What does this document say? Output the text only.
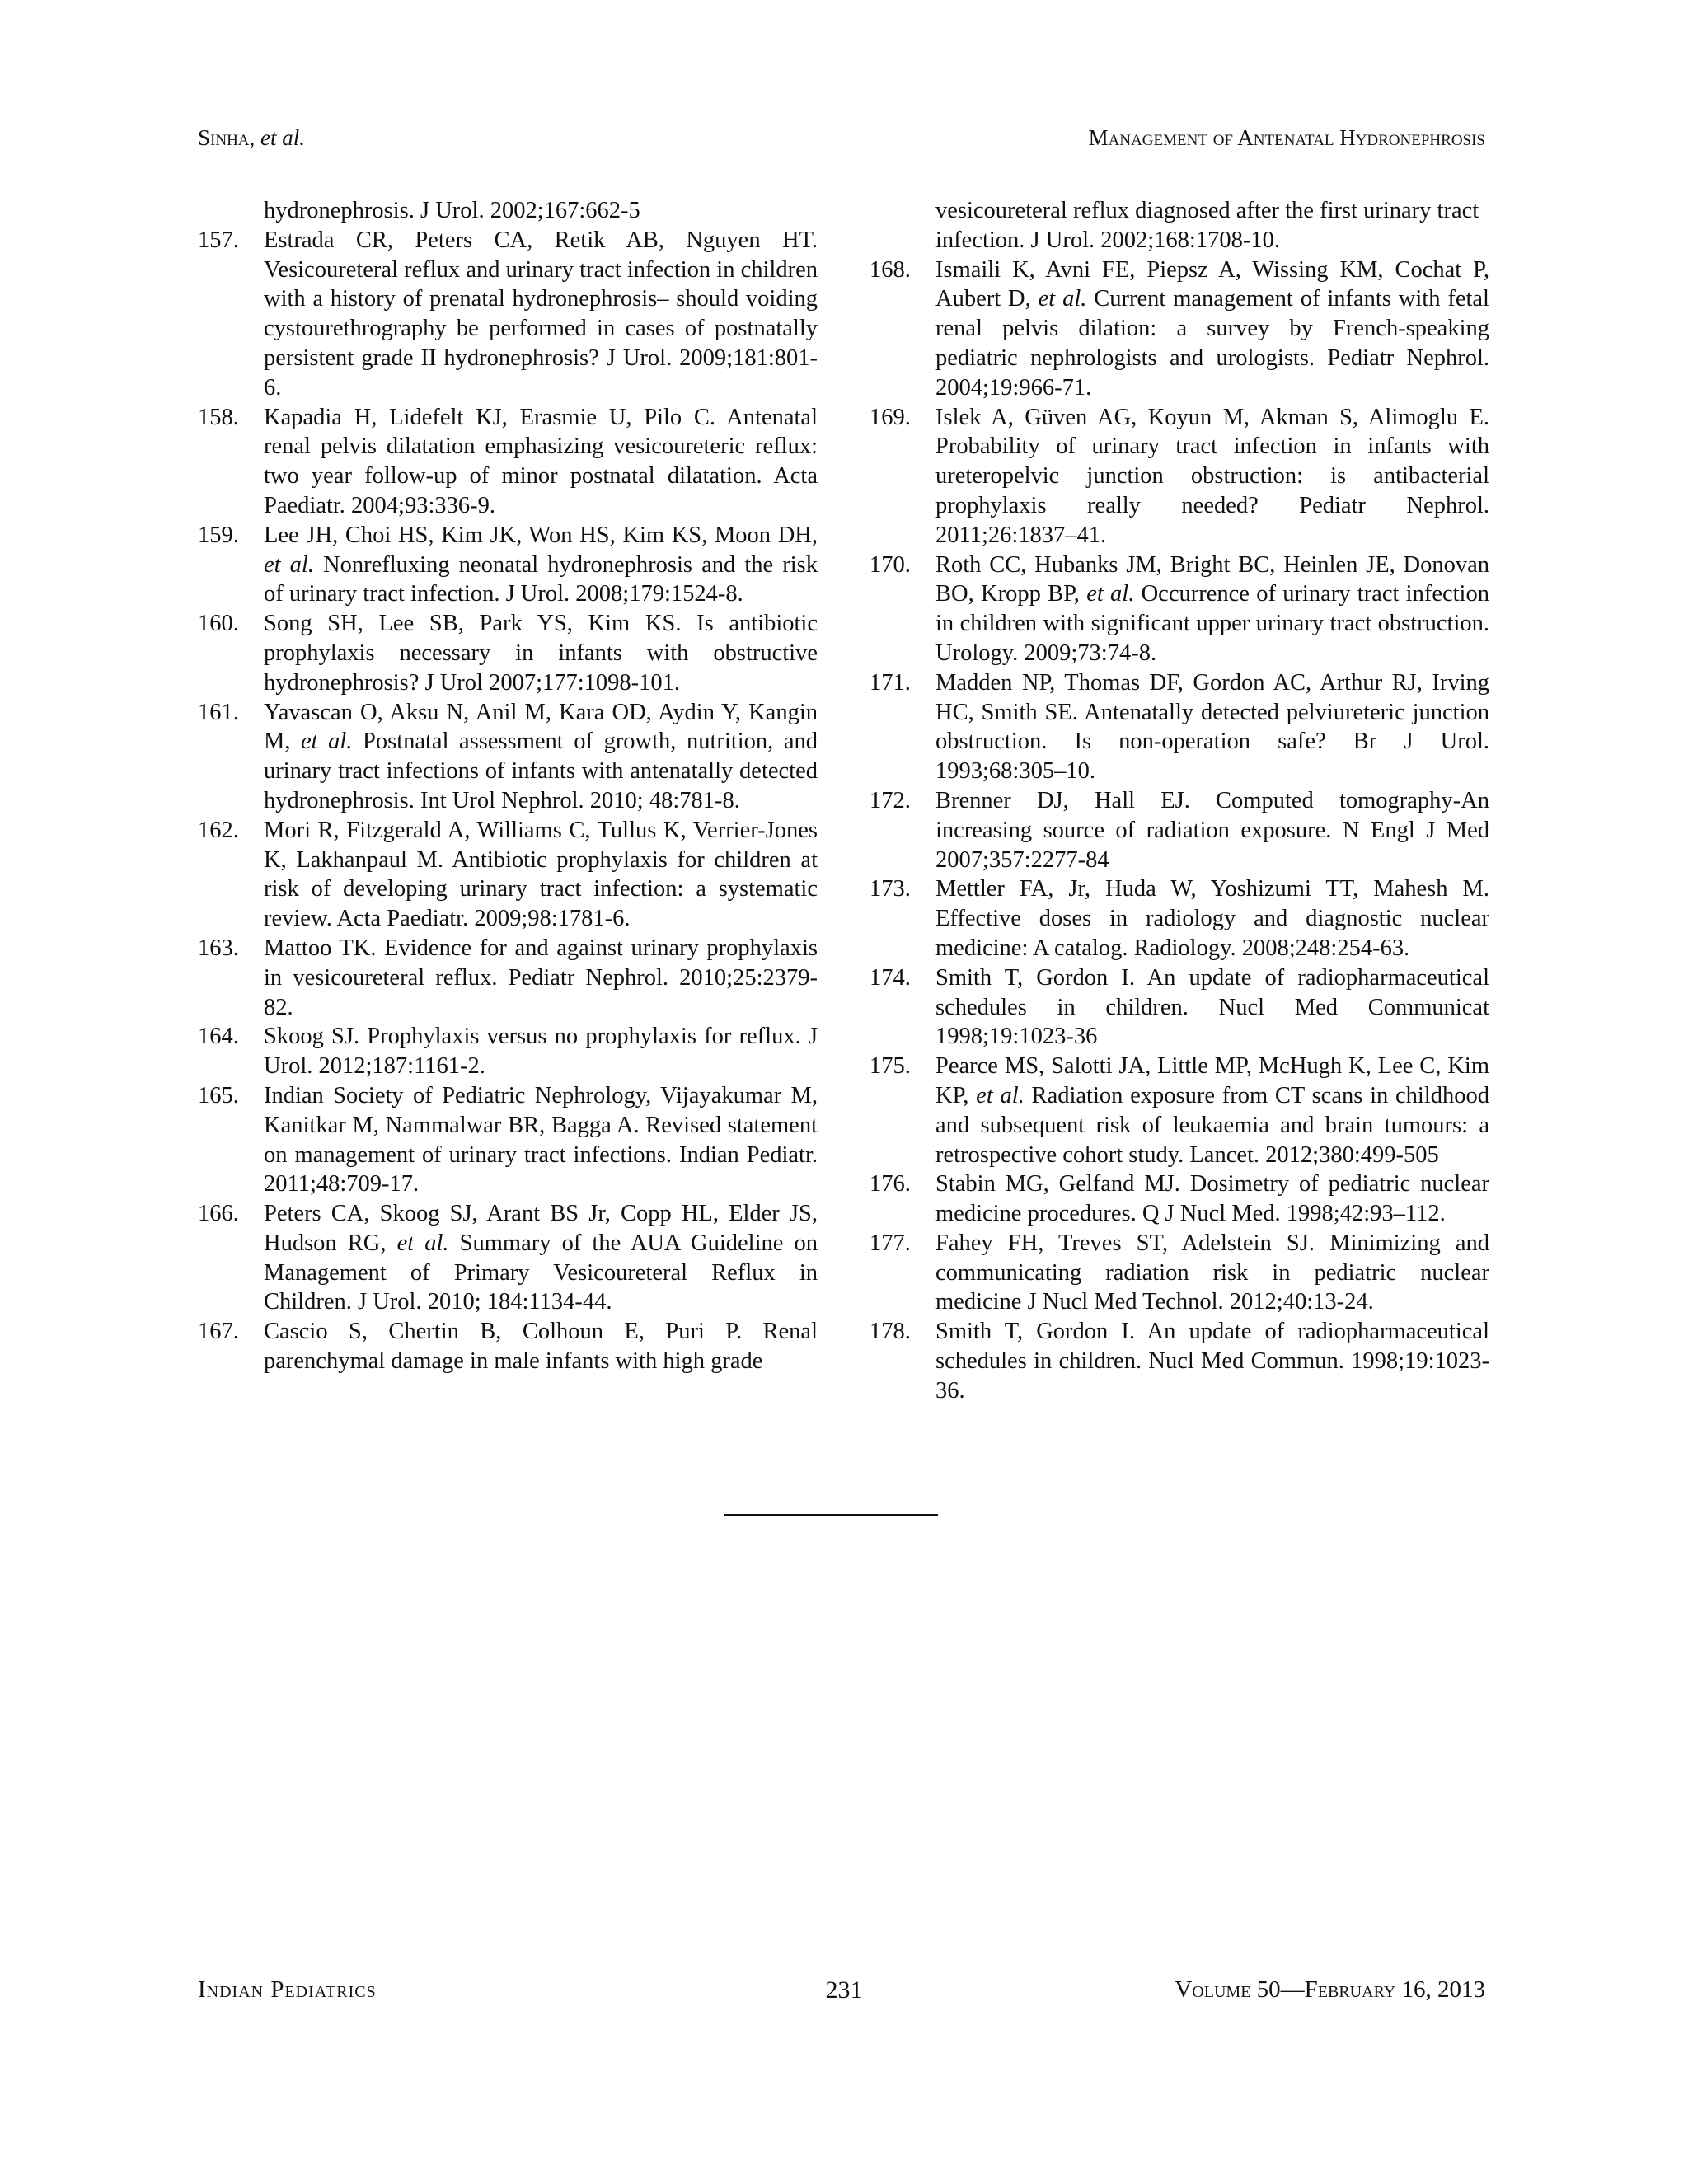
Sinha, et al.	Management of Antenatal Hydronephrosis
hydronephrosis. J Urol. 2002;167:662-5
157. Estrada CR, Peters CA, Retik AB, Nguyen HT. Vesicoureteral reflux and urinary tract infection in children with a history of prenatal hydronephrosis– should voiding cystourethrography be performed in cases of postnatally persistent grade II hydronephrosis? J Urol. 2009;181:801-6.
158. Kapadia H, Lidefelt KJ, Erasmie U, Pilo C. Antenatal renal pelvis dilatation emphasizing vesicoureteric reflux: two year follow-up of minor postnatal dilatation. Acta Paediatr. 2004;93:336-9.
159. Lee JH, Choi HS, Kim JK, Won HS, Kim KS, Moon DH, et al. Nonrefluxing neonatal hydronephrosis and the risk of urinary tract infection. J Urol. 2008;179:1524-8.
160. Song SH, Lee SB, Park YS, Kim KS. Is antibiotic prophylaxis necessary in infants with obstructive hydronephrosis? J Urol 2007;177:1098-101.
161. Yavascan O, Aksu N, Anil M, Kara OD, Aydin Y, Kangin M, et al. Postnatal assessment of growth, nutrition, and urinary tract infections of infants with antenatally detected hydronephrosis. Int Urol Nephrol. 2010; 48:781-8.
162. Mori R, Fitzgerald A, Williams C, Tullus K, Verrier-Jones K, Lakhanpaul M. Antibiotic prophylaxis for children at risk of developing urinary tract infection: a systematic review. Acta Paediatr. 2009;98:1781-6.
163. Mattoo TK. Evidence for and against urinary prophylaxis in vesicoureteral reflux. Pediatr Nephrol. 2010;25:2379-82.
164. Skoog SJ. Prophylaxis versus no prophylaxis for reflux. J Urol. 2012;187:1161-2.
165. Indian Society of Pediatric Nephrology, Vijayakumar M, Kanitkar M, Nammalwar BR, Bagga A. Revised statement on management of urinary tract infections. Indian Pediatr. 2011;48:709-17.
166. Peters CA, Skoog SJ, Arant BS Jr, Copp HL, Elder JS, Hudson RG, et al. Summary of the AUA Guideline on Management of Primary Vesicoureteral Reflux in Children. J Urol. 2010; 184:1134-44.
167. Cascio S, Chertin B, Colhoun E, Puri P. Renal parenchymal damage in male infants with high grade
vesicoureteral reflux diagnosed after the first urinary tract infection. J Urol. 2002;168:1708-10.
168. Ismaili K, Avni FE, Piepsz A, Wissing KM, Cochat P, Aubert D, et al. Current management of infants with fetal renal pelvis dilation: a survey by French-speaking pediatric nephrologists and urologists. Pediatr Nephrol. 2004;19:966-71.
169. Islek A, Güven AG, Koyun M, Akman S, Alimoglu E. Probability of urinary tract infection in infants with ureteropelvic junction obstruction: is antibacterial prophylaxis really needed? Pediatr Nephrol. 2011;26:1837–41.
170. Roth CC, Hubanks JM, Bright BC, Heinlen JE, Donovan BO, Kropp BP, et al. Occurrence of urinary tract infection in children with significant upper urinary tract obstruction. Urology. 2009;73:74-8.
171. Madden NP, Thomas DF, Gordon AC, Arthur RJ, Irving HC, Smith SE. Antenatally detected pelviureteric junction obstruction. Is non-operation safe? Br J Urol. 1993;68:305–10.
172. Brenner DJ, Hall EJ. Computed tomography-An increasing source of radiation exposure. N Engl J Med 2007;357:2277-84
173. Mettler FA, Jr, Huda W, Yoshizumi TT, Mahesh M. Effective doses in radiology and diagnostic nuclear medicine: A catalog. Radiology. 2008;248:254-63.
174. Smith T, Gordon I. An update of radiopharmaceutical schedules in children. Nucl Med Communicat 1998;19:1023-36
175. Pearce MS, Salotti JA, Little MP, McHugh K, Lee C, Kim KP, et al. Radiation exposure from CT scans in childhood and subsequent risk of leukaemia and brain tumours: a retrospective cohort study. Lancet. 2012;380:499-505
176. Stabin MG, Gelfand MJ. Dosimetry of pediatric nuclear medicine procedures. Q J Nucl Med. 1998;42:93–112.
177. Fahey FH, Treves ST, Adelstein SJ. Minimizing and communicating radiation risk in pediatric nuclear medicine J Nucl Med Technol. 2012;40:13-24.
178. Smith T, Gordon I. An update of radiopharmaceutical schedules in children. Nucl Med Commun. 1998;19:1023-36.
Indian Pediatrics	231	Volume 50—February 16, 2013
